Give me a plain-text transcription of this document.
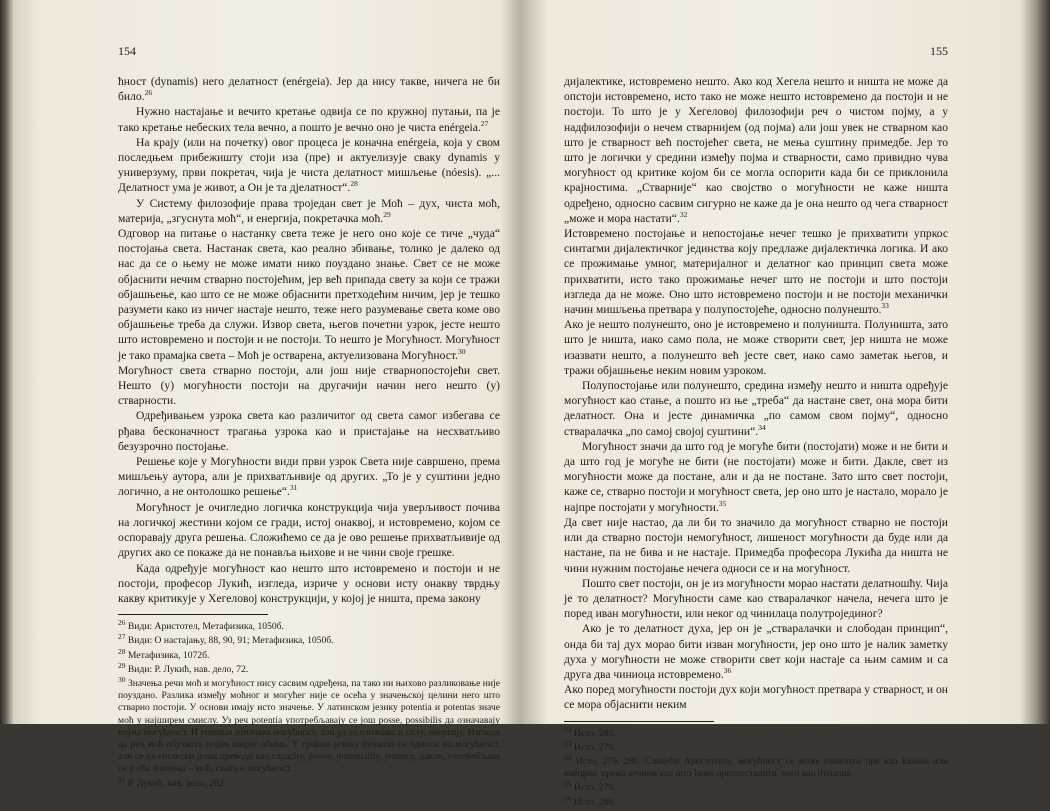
154

ћност (dynamis) него делатност (enérgeia). Јер да нису такве, ничега не би било.$^{26}$

Нужно настајање и вечито кретање одвија се по кружној путањи, па је тако кретање небеских тела вечно, а пошто је вечно оно је чиста enérgeia.$^{27}$

На крају (или на почетку) овог процеса је коначна enérgeia, која у свом последњем прибежишту стоји иза (пре) и актуелизује сваку dynamis у универзуму, први покретач, чија је чиста делатност мишљење (nóesis). „... Делатност ума је живот, а Он је та дјелатност“.$^{28}$

У Систему филозофије права троједан свет је Моћ – дух, чиста моћ, материја, „згуснута моћ“, и енергија, покретачка моћ.$^{29}$

Одговор на питање о настанку света теже је него оно које се тиче „чуда“ постојања света. Настанак света, као реално збивање, толико је далеко од нас да се о њему не може имати нико поуздано знање. Свет се не може објаснити нечим стварно постојећим, јер већ припада свету за који се тражи објашњење, као што се не може објаснити претходећим ничим, јер је тешко разумети како из ничег настаје нешто, теже него разумевање света коме ово објашњење треба да служи. Извор света, његов почетни узрок, јесте нешто што истовремено и постоји и не постоји. То нешто је Могућност. Могућност је тако прамајка света – Моћ је остварена, актуелизована Могућност.$^{30}$

Могућност света стварно постоји, али још није стварнопостојећи свет. Нешто (у) могућности постоји на другачији начин него нешто (у) стварности.

Одређивањем узрока света као различитог од света самог избегава се рђава бесконачност трагања узрока као и пристајање на несхватљиво безузрочно постојање.

Решење које у Могућности види први узрок Света није савршено, према мишљењу аутора, али је прихватљивије од других. „То је у суштини једно логично, а не онтолошко решење“.$^{31}$

Могућност је очигледно логичка конструкција чија уверљивост почива на логичкој жестини којом се гради, истој онаквој, и истовремено, којом се оспоравају друга решења. Сложићемо се да је ово решење прихватљивије од других ако се покаже да не понавља њихове и не чини своје грешке.

Када одређује могућност као нешто што истовремено и постоји и не постоји, професор Лукић, изгледа, изриче у основи исту онакву тврдњу какву критикује у Хегеловој конструкцији, у којој је ништа, према закону

$^{26}$ Види: Аристотел, Метафизика, 1050б.

$^{27}$ Види: О настајању, 88, 90, 91; Метафизика, 1050б.

$^{28}$ Метафизика, 1072б.

$^{29}$ Види: Р. Лукић, нав. дело, 72.

$^{30}$ Значења речи моћ и могућност нису сасвим одређена, па тако ни њихово разликовање није поуздано. Разлика између моћног и могућег није се осећа у значењској целини него што стварно постоји. У основи имају исто значење. У латинском језику potentia и potentas значе моћ у најширем смислу. Уз реч potentia употребљавају се још posse, possibilis да означавају појма могућност. И potentas означава могућност, али уз то означава и силу, енергију. Изгледа да реч моћ обухвата појам ширег обима. У грчком језику dynamis се односи на могућност, али се на енглески језик преводи као capacity, power, potentiality, potency, дакле, употребљава се у оба значења – моћ, снага и могућност.

$^{31}$ Р. Лукић, нав. дело, 282.

155

дијалектике, истовремено нешто. Ако код Хегела нешто и ништа не може да опстоји истовремено, исто тако не може нешто истовремено да постоји и не постоји. То што је у Хегеловој филозофији реч о чистом појму, а у надфилозофији о нечем стварнијем (од појма) али још увек не стварном као што је стварност већ постојећег света, не мења суштину примедбе. Јер то што је логички у средини између појма и стварности, само привидно чува могућност од критике којом би се могла оспорити када би се приклонила крајностима. „Стварније“ као својство о могућности не каже ништа одређено, односно сасвим сигурно не каже да је она нешто од чега стварност „може и мора настати“.$^{32}$

Истовремено постојање и непостојање нечег тешко је прихватити упркос синтагми дијалектичког јединства коју предлаже дијалектичка логика. И ако се прожимање умног, материјалног и делатног као принцип света може прихватити, исто тако прожимање нечег што не постоји и што постоји изгледа да не може. Оно што истовремено постоји и не постоји механички начин мишљења претвара у полупостојеће, односно полунешто.$^{33}$

Ако је нешто полунешто, оно је истовремено и полуништа. Полуништа, зато што је ништа, иако само пола, не може створити свет, јер ништа не може изазвати нешто, а полунешто већ јесте свет, иако само заметак његов, и тражи објашњење неким новим узроком.

Полупостојање или полунешто, средина између нешто и ништа одређује могућност као стање, а пошто из ње „треба“ да настане свет, она мора бити делатност. Она и јесте динамичка „по самом свом појму“, односно стваралачка „по самој својој суштини“.$^{34}$

Могућност значи да што год је могуће бити (постојати) може и не бити и да што год је могуће не бити (не постојати) може и бити. Дакле, свет из могућности може да постане, али и да не постане. Зато што свет постоји, каже се, стварно постоји и могућност света, јер оно што је настало, морало је најпре постојати у могућности.$^{35}$

Да свет није настао, да ли би то значило да могућност стварно не постоји или да стварно постоји немогућност, лишеност могућности да буде или да настане, па не бива и не настаје. Примедба професора Лукића да ништа не чини нужним постојање нечега односи се и на могућност.

Пошто свет постоји, он је из могућности морао настати делатношћу. Чија је то делатност? Могућности саме као стваралачког начела, нечега што је поред иван могућности, или неког од чинилаца полутројединог?

Ако је то делатност духа, јер он је „стваралачки и слободан принцип“, онда би тај дух морао бити изван могућности, јер оно што је налик заметку духа у могућности не може створити свет који настаје са њим самим и са друга два чиниоца истовремено.$^{36}$

Ако поред могућности постоји дух који могућност претвара у стварност, и он се мора објаснити неким

$^{32}$ Исто, 280.

$^{33}$ Исто, 279.

$^{34}$ Исто, 279, 280. Следећи Аристотела, могућност се може означити пре као kinesis или enérgeia, према вечном као што ћемо претпоставити, него као dynamis.

$^{35}$ Исто, 279.

$^{36}$ Исто, 280.
